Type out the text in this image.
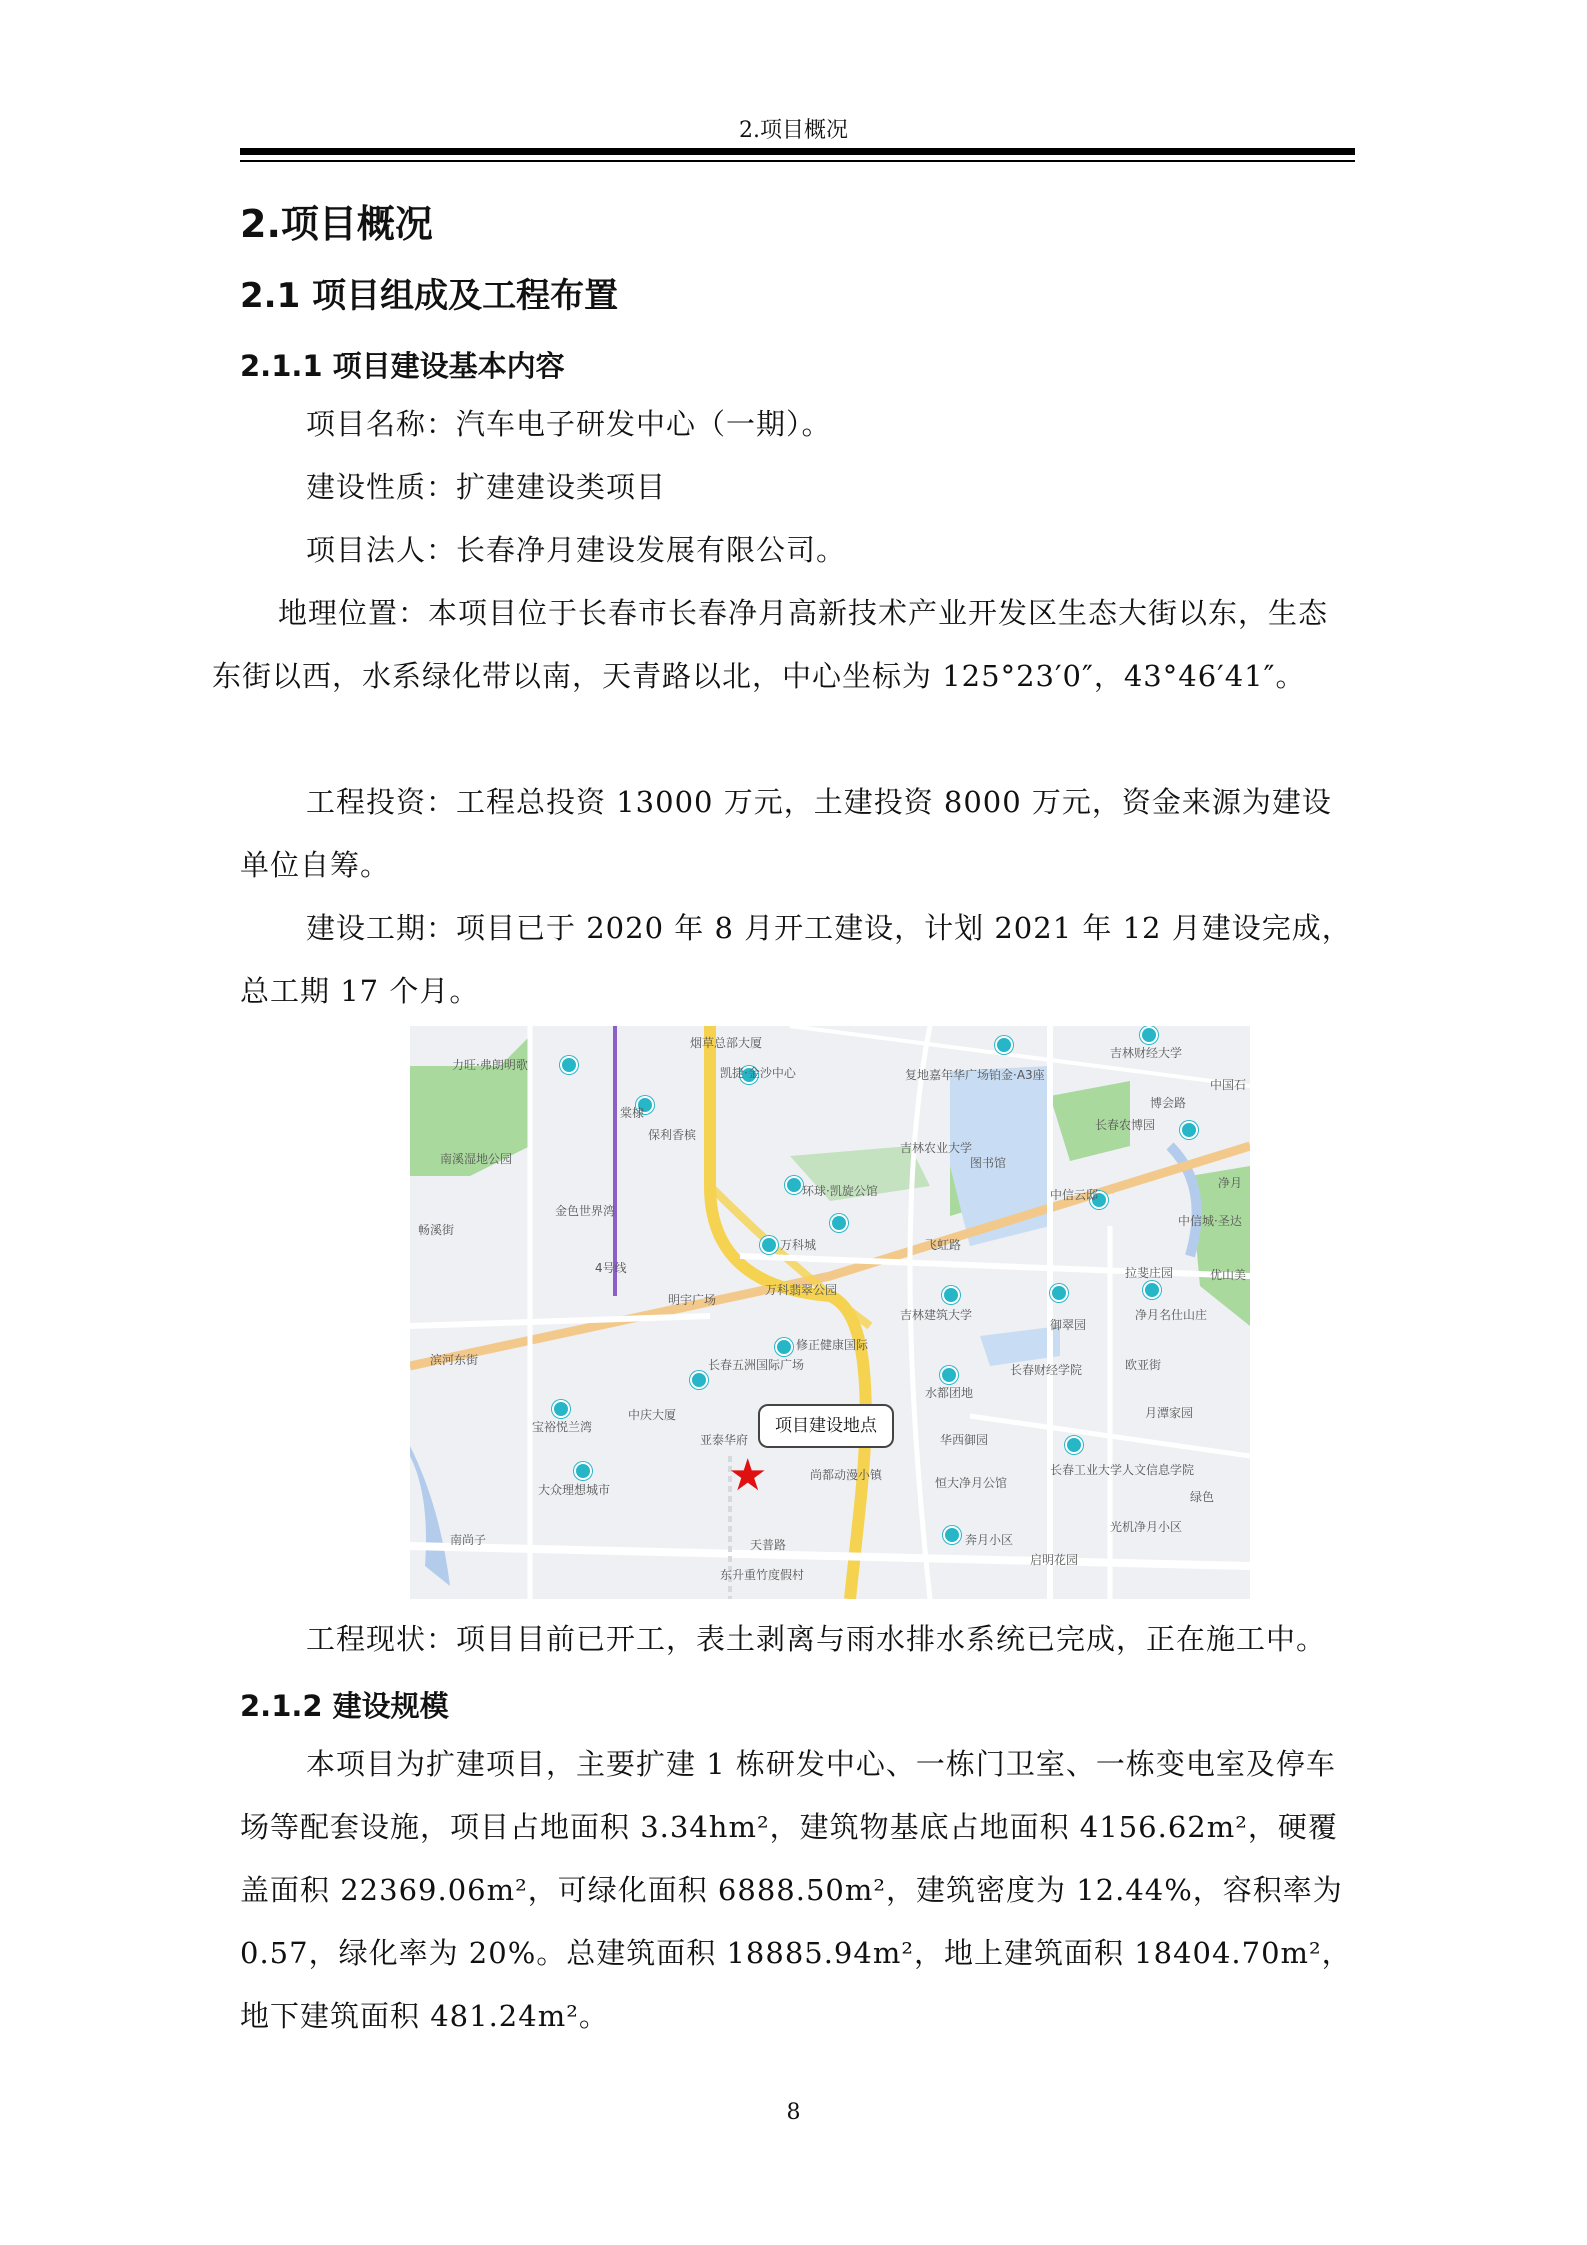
2.项目概况
2.项目概况
2.1 项目组成及工程布置
2.1.1 项目建设基本内容
项目名称：汽车电子研发中心（一期）。
建设性质：扩建建设类项目
项目法人：长春净月建设发展有限公司。
地理位置：本项目位于长春市长春净月高新技术产业开发区生态大街以东，生态东街以西，水系绿化带以南，天青路以北，中心坐标为 125°23′0″，43°46′41″。
工程投资：工程总投资 13000 万元，土建投资 8000 万元，资金来源为建设单位自筹。
建设工期：项目已于 2020 年 8 月开工建设，计划 2021 年 12 月建设完成，总工期 17 个月。
烟草总部大厦
凯捷·金沙中心
力旺·弗朗明歌
棠棣
保利香槟
南溪湿地公园
金色世界湾
畅溪街
4号线
环球·凯旋公馆
万科城
万科翡翠公园
明宇广场
修正健康国际
长春五洲国际广场
中庆大厦
亚泰华府
宝裕悦兰湾
大众理想城市
南尚子
滨河东街
天普路
东升重竹度假村
尚都动漫小镇
恒大净月公馆
华西御园
水都团地
奔月小区
启明花园
长春财经学院
吉林建筑大学
御翠园
长春工业大学人文信息学院
光机净月小区
月潭家园
吉林农业大学
图书馆
中信云邸
飞虹路
复地嘉年华广场铂金·A3座
吉林财经大学
长春农博园
博会路
拉斐庄园
净月名仕山庄
欧亚街
绿色
优山美
中信城·圣达
净月
中国石
项目建设地点
★
工程现状：项目目前已开工，表土剥离与雨水排水系统已完成，正在施工中。
2.1.2 建设规模
本项目为扩建项目，主要扩建 1 栋研发中心、一栋门卫室、一栋变电室及停车场等配套设施，项目占地面积 3.34hm²，建筑物基底占地面积 4156.62m²，硬覆盖面积 22369.06m²，可绿化面积 6888.50m²，建筑密度为 12.44%，容积率为 0.57，绿化率为 20%。总建筑面积 18885.94m²，地上建筑面积 18404.70m²，地下建筑面积 481.24m²。
8
